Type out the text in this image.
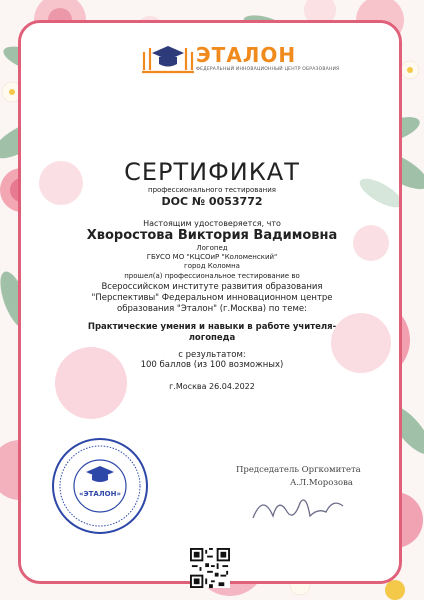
ЭТАЛОН
ФЕДЕРАЛЬНЫЙ ИННОВАЦИОННЫЙ ЦЕНТР ОБРАЗОВАНИЯ
СЕРТИФИКАТ
профессионального тестирования
DOC № 0053772
Настоящим удостоверяется, что
Хворостова Виктория Вадимовна
Логопед
ГБУСО МО "КЦСОиР "Коломенский"
город Коломна
прошел(а) профессиональное тестирование во
Всероссийском институте развития образования
"Перспективы" Федеральном инновационном центре
образования "Эталон" (г.Москва) по теме:
Практические умения и навыки в работе учителя-
логопеда
с результатом:
100 баллов (из 100 возможных)
г.Москва 26.04.2022
«ЭТАЛОН»
Председатель Оргкомитета
А.Л.Морозова
